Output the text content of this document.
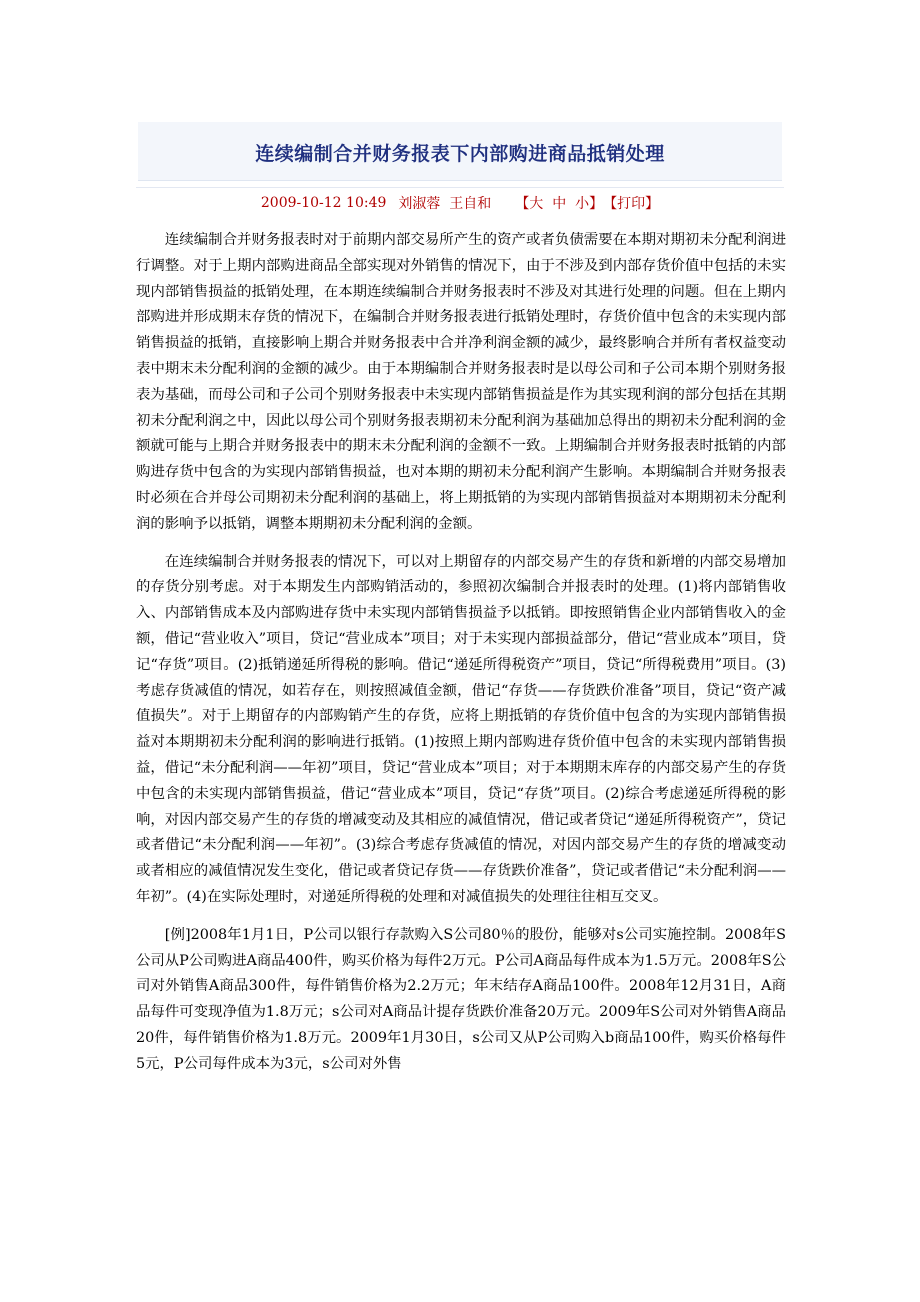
连续编制合并财务报表下内部购进商品抵销处理
2009-10-12 10:49 刘淑蓉  王自和 【大  中  小】 【打印】

连续编制合并财务报表时对于前期内部交易所产生的资产或者负债需要在本期对期初未分配利润进行调整。对于上期内部购进商品全部实现对外销售的情况下，由于不涉及到内部存货价值中包括的未实现内部销售损益的抵销处理，在本期连续编制合并财务报表时不涉及对其进行处理的问题。但在上期内部购进并形成期末存货的情况下，在编制合并财务报表进行抵销处理时，存货价值中包含的未实现内部销售损益的抵销，直接影响上期合并财务报表中合并净利润金额的减少，最终影响合并所有者权益变动表中期末未分配利润的金额的减少。由于本期编制合并财务报表时是以母公司和子公司本期个别财务报表为基础，而母公司和子公司个别财务报表中未实现内部销售损益是作为其实现利润的部分包括在其期初未分配利润之中，因此以母公司个别财务报表期初未分配利润为基础加总得出的期初未分配利润的金额就可能与上期合并财务报表中的期末未分配利润的金额不一致。上期编制合并财务报表时抵销的内部购进存货中包含的为实现内部销售损益，也对本期的期初未分配利润产生影响。本期编制合并财务报表时必须在合并母公司期初未分配利润的基础上，将上期抵销的为实现内部销售损益对本期期初未分配利润的影响予以抵销，调整本期期初未分配利润的金额。

在连续编制合并财务报表的情况下，可以对上期留存的内部交易产生的存货和新增的内部交易增加的存货分别考虑。对于本期发生内部购销活动的，参照初次编制合并报表时的处理。(1)将内部销售收入、内部销售成本及内部购进存货中未实现内部销售损益予以抵销。即按照销售企业内部销售收入的金额，借记“营业收入”项目，贷记“营业成本”项目；对于未实现内部损益部分，借记“营业成本”项目，贷记“存货”项目。(2)抵销递延所得税的影响。借记“递延所得税资产”项目，贷记“所得税费用”项目。(3)考虑存货减值的情况，如若存在，则按照减值金额，借记“存货——存货跌价准备”项目，贷记“资产减值损失”。对于上期留存的内部购销产生的存货，应将上期抵销的存货价值中包含的为实现内部销售损益对本期期初未分配利润的影响进行抵销。(1)按照上期内部购进存货价值中包含的未实现内部销售损益，借记“未分配利润——年初”项目，贷记“营业成本”项目；对于本期期末库存的内部交易产生的存货中包含的未实现内部销售损益，借记“营业成本”项目，贷记“存货”项目。(2)综合考虑递延所得税的影响，对因内部交易产生的存货的增减变动及其相应的减值情况，借记或者贷记“递延所得税资产”，贷记或者借记“未分配利润——年初”。(3)综合考虑存货减值的情况，对因内部交易产生的存货的增减变动或者相应的减值情况发生变化，借记或者贷记存货——存货跌价准备”，贷记或者借记“未分配利润——年初”。(4)在实际处理时，对递延所得税的处理和对减值损失的处理往往相互交叉。

[例]2008年1月1日，P公司以银行存款购入S公司80％的股份，能够对s公司实施控制。2008年S公司从P公司购进A商品400件，购买价格为每件2万元。P公司A商品每件成本为1.5万元。2008年S公司对外销售A商品300件，每件销售价格为2.2万元；年末结存A商品100件。2008年12月31日，A商品每件可变现净值为1.8万元；s公司对A商品计提存货跌价准备20万元。2009年S公司对外销售A商品20件，每件销售价格为1.8万元。2009年1月30日，s公司又从P公司购入b商品100件，购买价格每件5元，P公司每件成本为3元，s公司对外售
